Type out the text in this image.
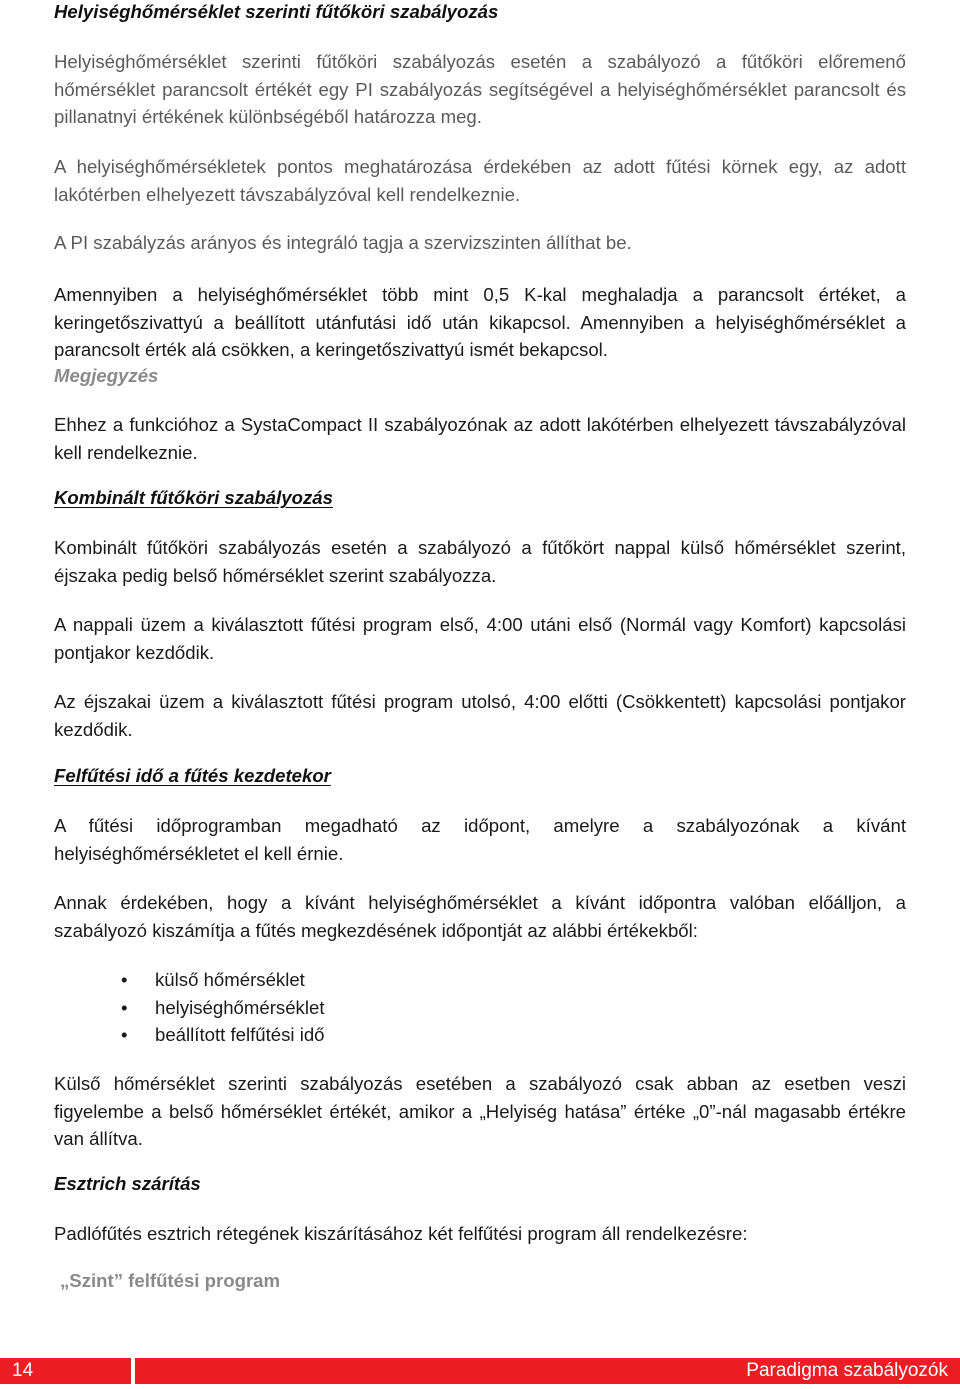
Helyiséghőmérséklet szerinti fűtőköri szabályozás

Helyiséghőmérséklet szerinti fűtőköri szabályozás esetén a szabályozó a fűtőköri előremenő hőmérséklet parancsolt értékét egy PI szabályozás segítségével a helyiséghőmérséklet parancsolt és pillanatnyi értékének különbségéből határozza meg.

A helyiséghőmérsékletek pontos meghatározása érdekében az adott fűtési körnek egy, az adott lakótérben elhelyezett távszabályzóval kell rendelkeznie.

A PI szabályzás arányos és integráló tagja a szervizszinten állíthat be.

Amennyiben a helyiséghőmérséklet több mint 0,5 K-kal meghaladja a parancsolt értéket, a keringetőszivattyú a beállított utánfutási idő után kikapcsol. Amennyiben a helyiséghőmérséklet a parancsolt érték alá csökken, a keringetőszivattyú ismét bekapcsol.

Megjegyzés

Ehhez a funkcióhoz a SystaCompact II szabályozónak az adott lakótérben elhelyezett távszabályzóval kell rendelkeznie.

Kombinált fűtőköri szabályozás

Kombinált fűtőköri szabályozás esetén a szabályozó a fűtőkört nappal külső hőmérséklet szerint, éjszaka pedig belső hőmérséklet szerint szabályozza.

A nappali üzem a kiválasztott fűtési program első, 4:00 utáni első (Normál vagy Komfort) kapcsolási pontjakor kezdődik.

Az éjszakai üzem a kiválasztott fűtési program utolsó, 4:00 előtti (Csökkentett) kapcsolási pontjakor kezdődik.

Felfűtési idő a fűtés kezdetekor

A fűtési időprogramban megadható az időpont, amelyre a szabályozónak a kívánt helyiséghőmérsékletet el kell érnie.

Annak érdekében, hogy a kívánt helyiséghőmérséklet a kívánt időpontra valóban előálljon, a szabályozó kiszámítja a fűtés megkezdésének időpontját az alábbi értékekből:

• külső hőmérséklet
• helyiséghőmérséklet
• beállított felfűtési idő

Külső hőmérséklet szerinti szabályozás esetében a szabályozó csak abban az esetben veszi figyelembe a belső hőmérséklet értékét, amikor a „Helyiség hatása” értéke „0”-nál magasabb értékre van állítva.

Esztrich szárítás

Padlófűtés esztrich rétegének kiszárításához két felfűtési program áll rendelkezésre:

„Szint” felfűtési program

14	Paradigma szabályozók
